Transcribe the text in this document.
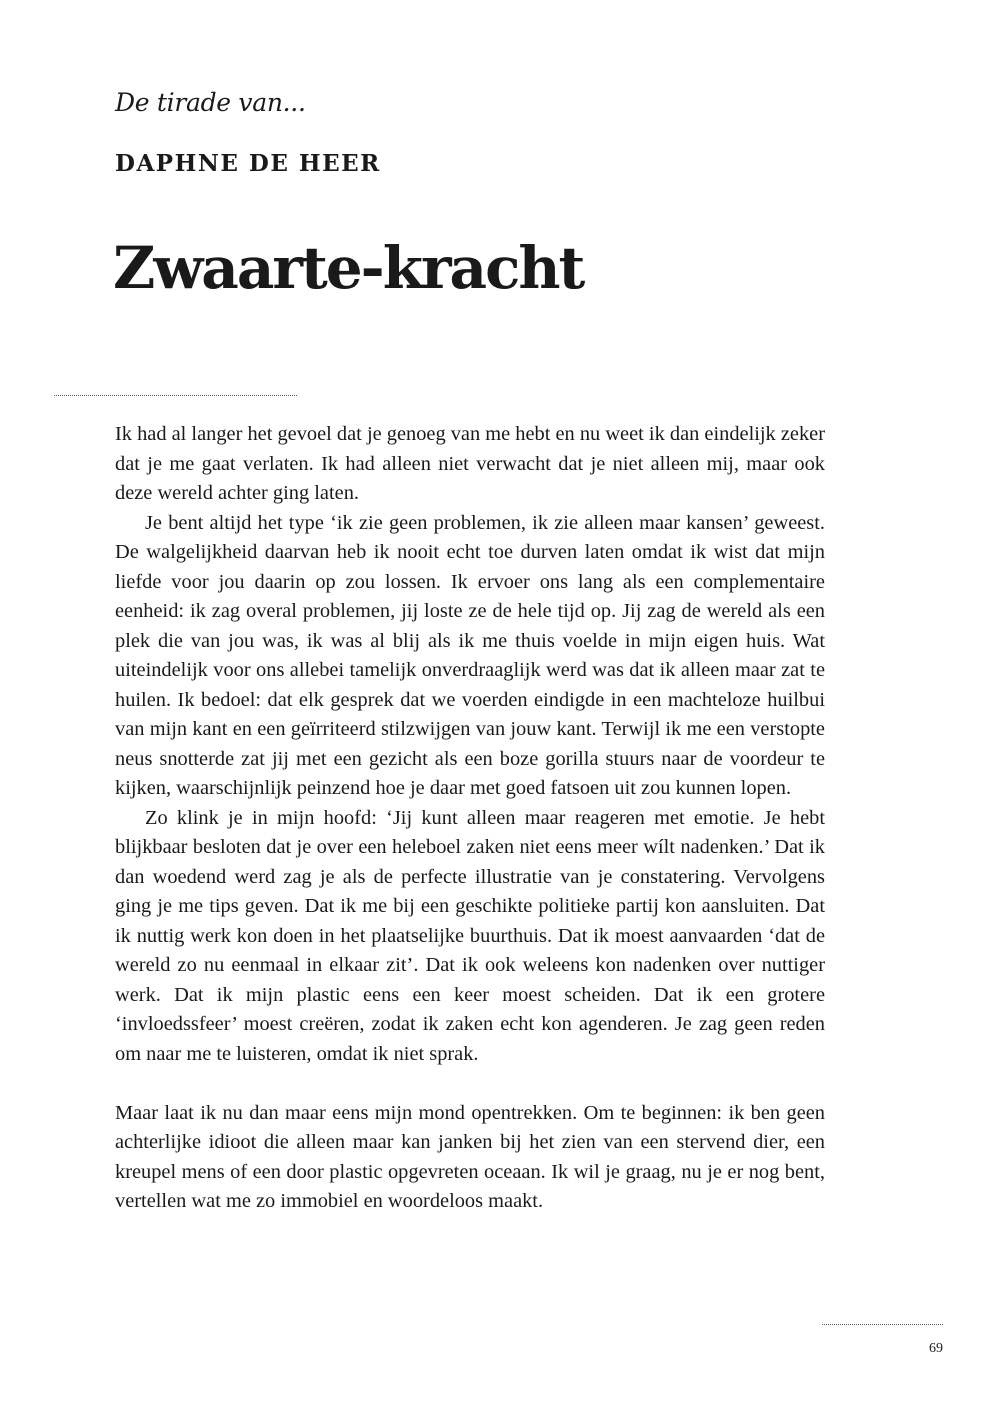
De tirade van...
DAPHNE DE HEER
Zwaarte-kracht

Ik had al langer het gevoel dat je genoeg van me hebt en nu weet ik dan eindelijk zeker dat je me gaat verlaten. Ik had alleen niet verwacht dat je niet alleen mij, maar ook deze wereld achter ging laten.

Je bent altijd het type ‘ik zie geen problemen, ik zie alleen maar kansen’ geweest. De walgelijkheid daarvan heb ik nooit echt toe durven laten omdat ik wist dat mijn liefde voor jou daarin op zou lossen. Ik ervoer ons lang als een complementaire eenheid: ik zag overal problemen, jij loste ze de hele tijd op. Jij zag de wereld als een plek die van jou was, ik was al blij als ik me thuis voelde in mijn eigen huis. Wat uiteindelijk voor ons allebei tamelijk onverdraaglijk werd was dat ik alleen maar zat te huilen. Ik bedoel: dat elk gesprek dat we voerden eindigde in een machteloze huilbui van mijn kant en een geïrriteerd stilzwijgen van jouw kant. Terwijl ik me een verstopte neus snotterde zat jij met een gezicht als een boze gorilla stuurs naar de voordeur te kijken, waarschijnlijk peinzend hoe je daar met goed fatsoen uit zou kunnen lopen.

Zo klink je in mijn hoofd: ‘Jij kunt alleen maar reageren met emotie. Je hebt blijkbaar besloten dat je over een heleboel zaken niet eens meer wílt nadenken.’ Dat ik dan woedend werd zag je als de perfecte illustratie van je constatering. Vervolgens ging je me tips geven. Dat ik me bij een geschikte politieke partij kon aansluiten. Dat ik nuttig werk kon doen in het plaatselijke buurthuis. Dat ik moest aanvaarden ‘dat de wereld zo nu eenmaal in elkaar zit’. Dat ik ook weleens kon nadenken over nuttiger werk. Dat ik mijn plastic eens een keer moest scheiden. Dat ik een grotere ‘invloedssfeer’ moest creëren, zodat ik zaken echt kon agenderen. Je zag geen reden om naar me te luisteren, omdat ik niet sprak.

Maar laat ik nu dan maar eens mijn mond opentrekken. Om te beginnen: ik ben geen achterlijke idioot die alleen maar kan janken bij het zien van een stervend dier, een kreupel mens of een door plastic opgevreten oceaan. Ik wil je graag, nu je er nog bent, vertellen wat me zo immobiel en woordeloos maakt.

69
